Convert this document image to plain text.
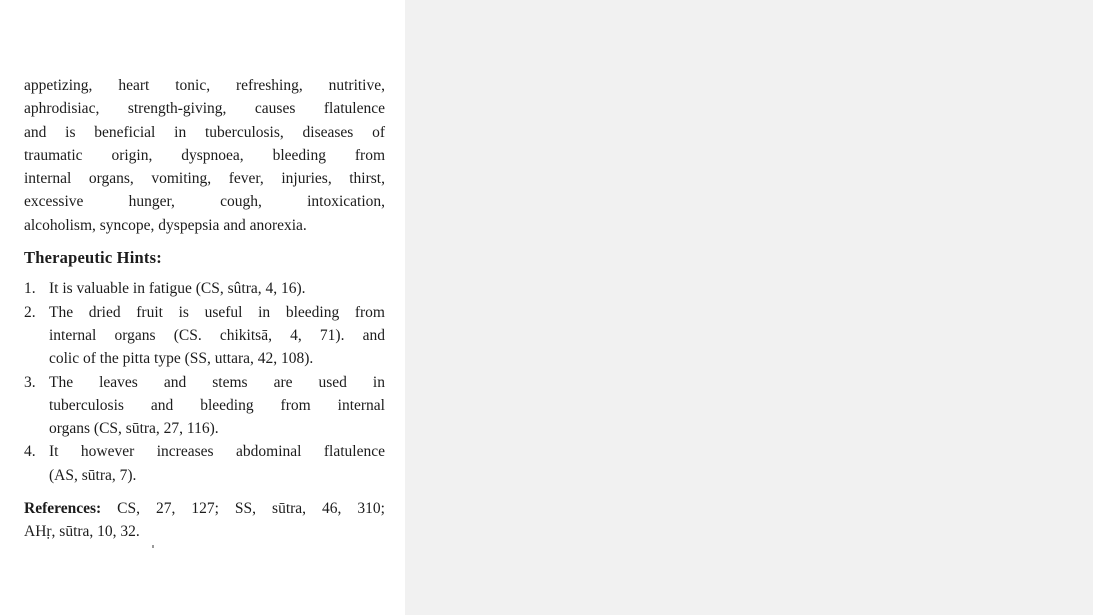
appetizing, heart tonic, refreshing, nutritive,
aphrodisiac, strength-giving, causes flatulence
and is beneficial in tuberculosis, diseases of
traumatic origin, dyspnoea, bleeding from
internal organs, vomiting, fever, injuries, thirst,
excessive hunger, cough, intoxication,
alcoholism, syncope, dyspepsia and anorexia.
Therapeutic Hints:
1. It is valuable in fatigue (CS, sûtra, 4, 16).
2. The dried fruit is useful in bleeding from
internal organs (CS. chikitsā, 4, 71). and
colic of the pitta type (SS, uttara, 42, 108).
3. The leaves and stems are used in
tuberculosis and bleeding from internal
organs (CS, sūtra, 27, 116).
4. It however increases abdominal flatulence
(AS, sūtra, 7).
References: CS, 27, 127; SS, sūtra, 46, 310;
AHṛ, sūtra, 10, 32.
